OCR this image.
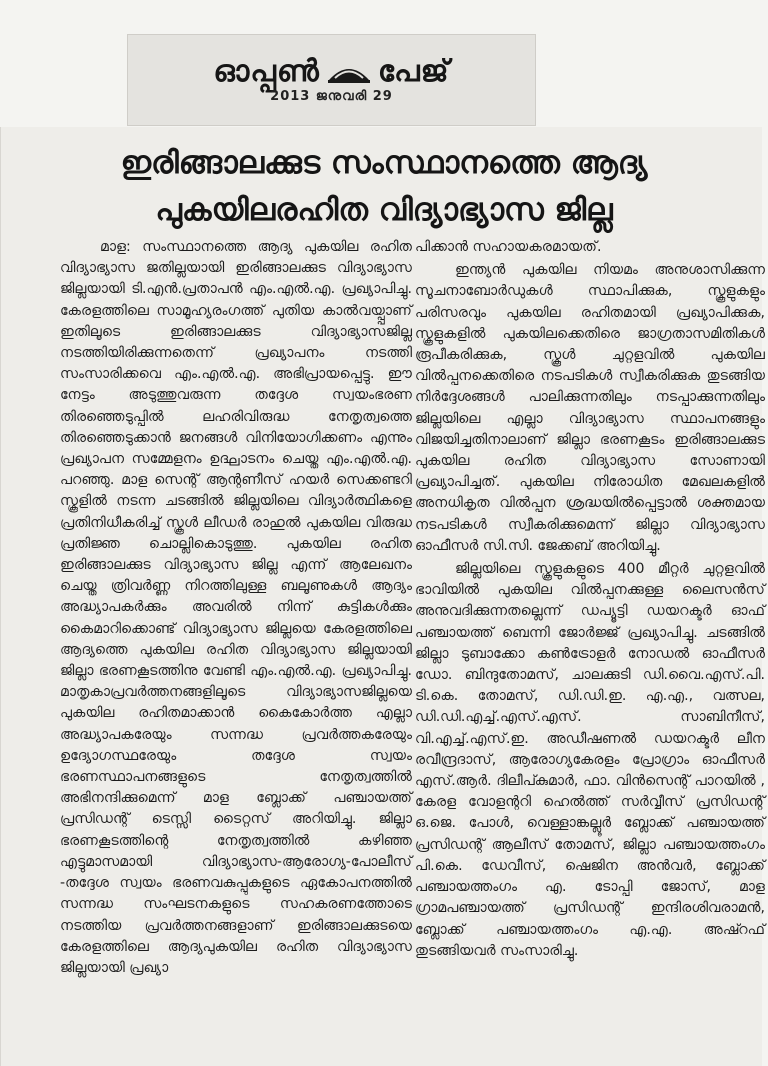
ഓപ്പൺ പേജ്
2013 ജനുവരി 29
ഇരിങ്ങാലക്കുട സംസ്ഥാനത്തെ ആദ്യ
പുകയിലരഹിത വിദ്യാഭ്യാസ ജില്ല

മാള: സംസ്ഥാനത്തെ ആദ്യ പുകയില രഹിത വിദ്യാഭ്യാസ ജതില്ലയായി ഇരിങ്ങാലക്കുട വിദ്യാഭ്യാസ ജില്ലയായി ടി.എൻ.പ്രതാപൻ എം.എൽ.എ. പ്രഖ്യാപിച്ചു. കേരളത്തിലെ സാമൂഹ്യരംഗത്ത് പുതിയ കാൽവയ്പ്പാണ് ഇതിലൂടെ ഇരിങ്ങാലക്കുട വിദ്യാഭ്യാസജില്ല നടത്തിയിരിക്കുന്നതെന്ന് പ്രഖ്യാപനം നടത്തി സംസാരിക്കവെ എം.എൽ.എ. അഭിപ്രായപ്പെട്ടു. ഈ നേട്ടം അടുത്തുവരുന്ന തദ്ദേശ സ്വയംഭരണ തിരഞ്ഞെടുപ്പിൽ ലഹരിവിരുദ്ധ നേതൃത്വത്തെ തിരഞ്ഞെടുക്കാൻ ജനങ്ങൾ വിനിയോഗിക്കണം എന്നും പ്രഖ്യാപന സമ്മേളനം ഉദ്ഘാടനം ചെയ്ത എം.എൽ.എ. പറഞ്ഞു. മാള സെന്റ് ആന്റണീസ് ഹയർ സെക്കണ്ടറി സ്കൂളിൽ നടന്ന ചടങ്ങിൽ ജില്ലയിലെ വിദ്യാർത്ഥികളെ പ്രതിനിധീകരിച്ച് സ്കൂൾ ലീഡർ രാഹുൽ പുകയില വിരുദ്ധ പ്രതിജ്ഞ ചൊല്ലികൊടുത്തു. പുകയില രഹിത ഇരിങ്ങാലക്കുട വിദ്യാഭ്യാസ ജില്ല എന്ന് ആലേഖനം ചെയ്ത ത്രിവർണ്ണ നിറത്തിലുള്ള ബലൂണുകൾ ആദ്യം അദ്ധ്യാപകർക്കും അവരിൽ നിന്ന് കുട്ടികൾക്കും കൈമാറിക്കൊണ്ട് വിദ്യാഭ്യാസ ജില്ലയെ കേരളത്തിലെ ആദ്യത്തെ പുകയില രഹിത വിദ്യാഭ്യാസ ജില്ലയായി ജില്ലാ ഭരണകൂടത്തിനു വേണ്ടി എം.എൽ.എ. പ്രഖ്യാപിച്ചു. മാതൃകാപ്രവർത്തനങ്ങളിലൂടെ വിദ്യാഭ്യാസജില്ലയെ പുകയില രഹിതമാക്കാൻ കൈകോർത്ത എല്ലാ അദ്ധ്യാപകരേയും സന്നദ്ധ പ്രവർത്തകരേയും ഉദ്യോഗസ്ഥരേയും തദ്ദേശ സ്വയം ഭരണസ്ഥാപനങ്ങളുടെ നേതൃത്വത്തിൽ അഭിനന്ദിക്കുമെന്ന് മാള ബ്ലോക്ക് പഞ്ചായത്ത് പ്രസിഡന്റ് ടെസ്സി ടൈറ്റസ് അറിയിച്ചു. ജില്ലാ ഭരണകൂടത്തിന്റെ നേതൃത്വത്തിൽ കഴിഞ്ഞ എട്ടുമാസമായി വിദ്യാഭ്യാസ-ആരോഗ്യ-പോലീസ് -തദ്ദേശ സ്വയം ഭരണവകുപ്പുകളുടെ ഏകോപനത്തിൽ സന്നദ്ധ സംഘടനകളുടെ സഹകരണത്തോടെ നടത്തിയ പ്രവർത്തനങ്ങളാണ് ഇരിങ്ങാലക്കുടയെ കേരളത്തിലെ ആദ്യപുകയില രഹിത വിദ്യാഭ്യാസ ജില്ലയായി പ്രഖ്യാ

പിക്കാൻ സഹായകരമായത്.

ഇന്ത്യൻ പുകയില നിയമം അനുശാസിക്കുന്ന സൂചനാബോർഡുകൾ സ്ഥാപിക്കുക, സ്കൂളുകളും പരിസരവും പുകയില രഹിതമായി പ്രഖ്യാപിക്കുക, സ്കൂളുകളിൽ പുകയിലക്കെതിരെ ജാഗ്രതാസമിതികൾ രൂപീകരിക്കുക, സ്കൂൾ ചുറ്റളവിൽ പുകയില വിൽപ്പനക്കെതിരെ നടപടികൾ സ്വീകരിക്കുക തുടങ്ങിയ നിർദ്ദേശങ്ങൾ പാലിക്കുന്നതിലും നടപ്പാക്കുന്നതിലും ജില്ലയിലെ എല്ലാ വിദ്യാഭ്യാസ സ്ഥാപനങ്ങളും വിജയിച്ചതിനാലാണ് ജില്ലാ ഭരണകൂടം ഇരിങ്ങാലക്കുട പുകയില രഹിത വിദ്യാഭ്യാസ സോണായി പ്രഖ്യാപിച്ചത്. പുകയില നിരോധിത മേഖലകളിൽ അനധികൃത വിൽപ്പന ശ്രദ്ധയിൽപ്പെട്ടാൽ ശക്തമായ നടപടികൾ സ്വീകരിക്കുമെന്ന് ജില്ലാ വിദ്യാഭ്യാസ ഓഫീസർ സി.സി. ജേക്കബ് അറിയിച്ചു.

ജില്ലയിലെ സ്കൂളുകളുടെ 400 മീറ്റർ ചുറ്റളവിൽ ഭാവിയിൽ പുകയില വിൽപ്പനക്കുള്ള ലൈസൻസ് അനുവദിക്കുന്നതല്ലെന്ന് ഡപ്യൂട്ടി ഡയറക്ടർ ഓഫ് പഞ്ചായത്ത് ബെന്നി ജോർജ്ജ് പ്രഖ്യാപിച്ചു. ചടങ്ങിൽ ജില്ലാ ടുബാക്കോ കൺട്രോളർ നോഡൽ ഓഫീസർ ഡോ. ബിന്ദുതോമസ്, ചാലക്കുടി ഡി.വൈ.എസ്.പി. ടി.കെ. തോമസ്, ഡി.ഡി.ഇ. എ.എ., വത്സല, ഡി.ഡി.എച്ച്.എസ്.എസ്. സാബിനീസ്, വി.എച്ച്.എസ്.ഇ. അഡീഷണൽ ഡയറക്ടർ ലീന രവീന്ദ്രദാസ്, ആരോഗ്യകേരളം പ്രോഗ്രാം ഓഫീസർ എസ്.ആർ. ദിലീപ്കുമാർ, ഫാ. വിൻസെന്റ് പാറയിൽ , കേരള വോളന്ററി ഹെൽത്ത് സർവ്വീസ് പ്രസിഡന്റ് ഒ.ജെ. പോൾ, വെള്ളാങ്കല്ലൂർ ബ്ലോക്ക് പഞ്ചായത്ത് പ്രസിഡന്റ് ആലീസ് തോമസ്, ജില്ലാ പഞ്ചായത്തംഗം പി.കെ. ഡേവീസ്, ഷെജിന അൻവർ, ബ്ലോക്ക് പഞ്ചായത്തംഗം എ. ടോപ്പി ജോസ്, മാള ഗ്രാമപഞ്ചായത്ത് പ്രസിഡന്റ് ഇന്ദിരശിവരാമൻ, ബ്ലോക്ക് പഞ്ചായത്തംഗം എ.എ. അഷ്റഫ് തുടങ്ങിയവർ സംസാരിച്ചു.
